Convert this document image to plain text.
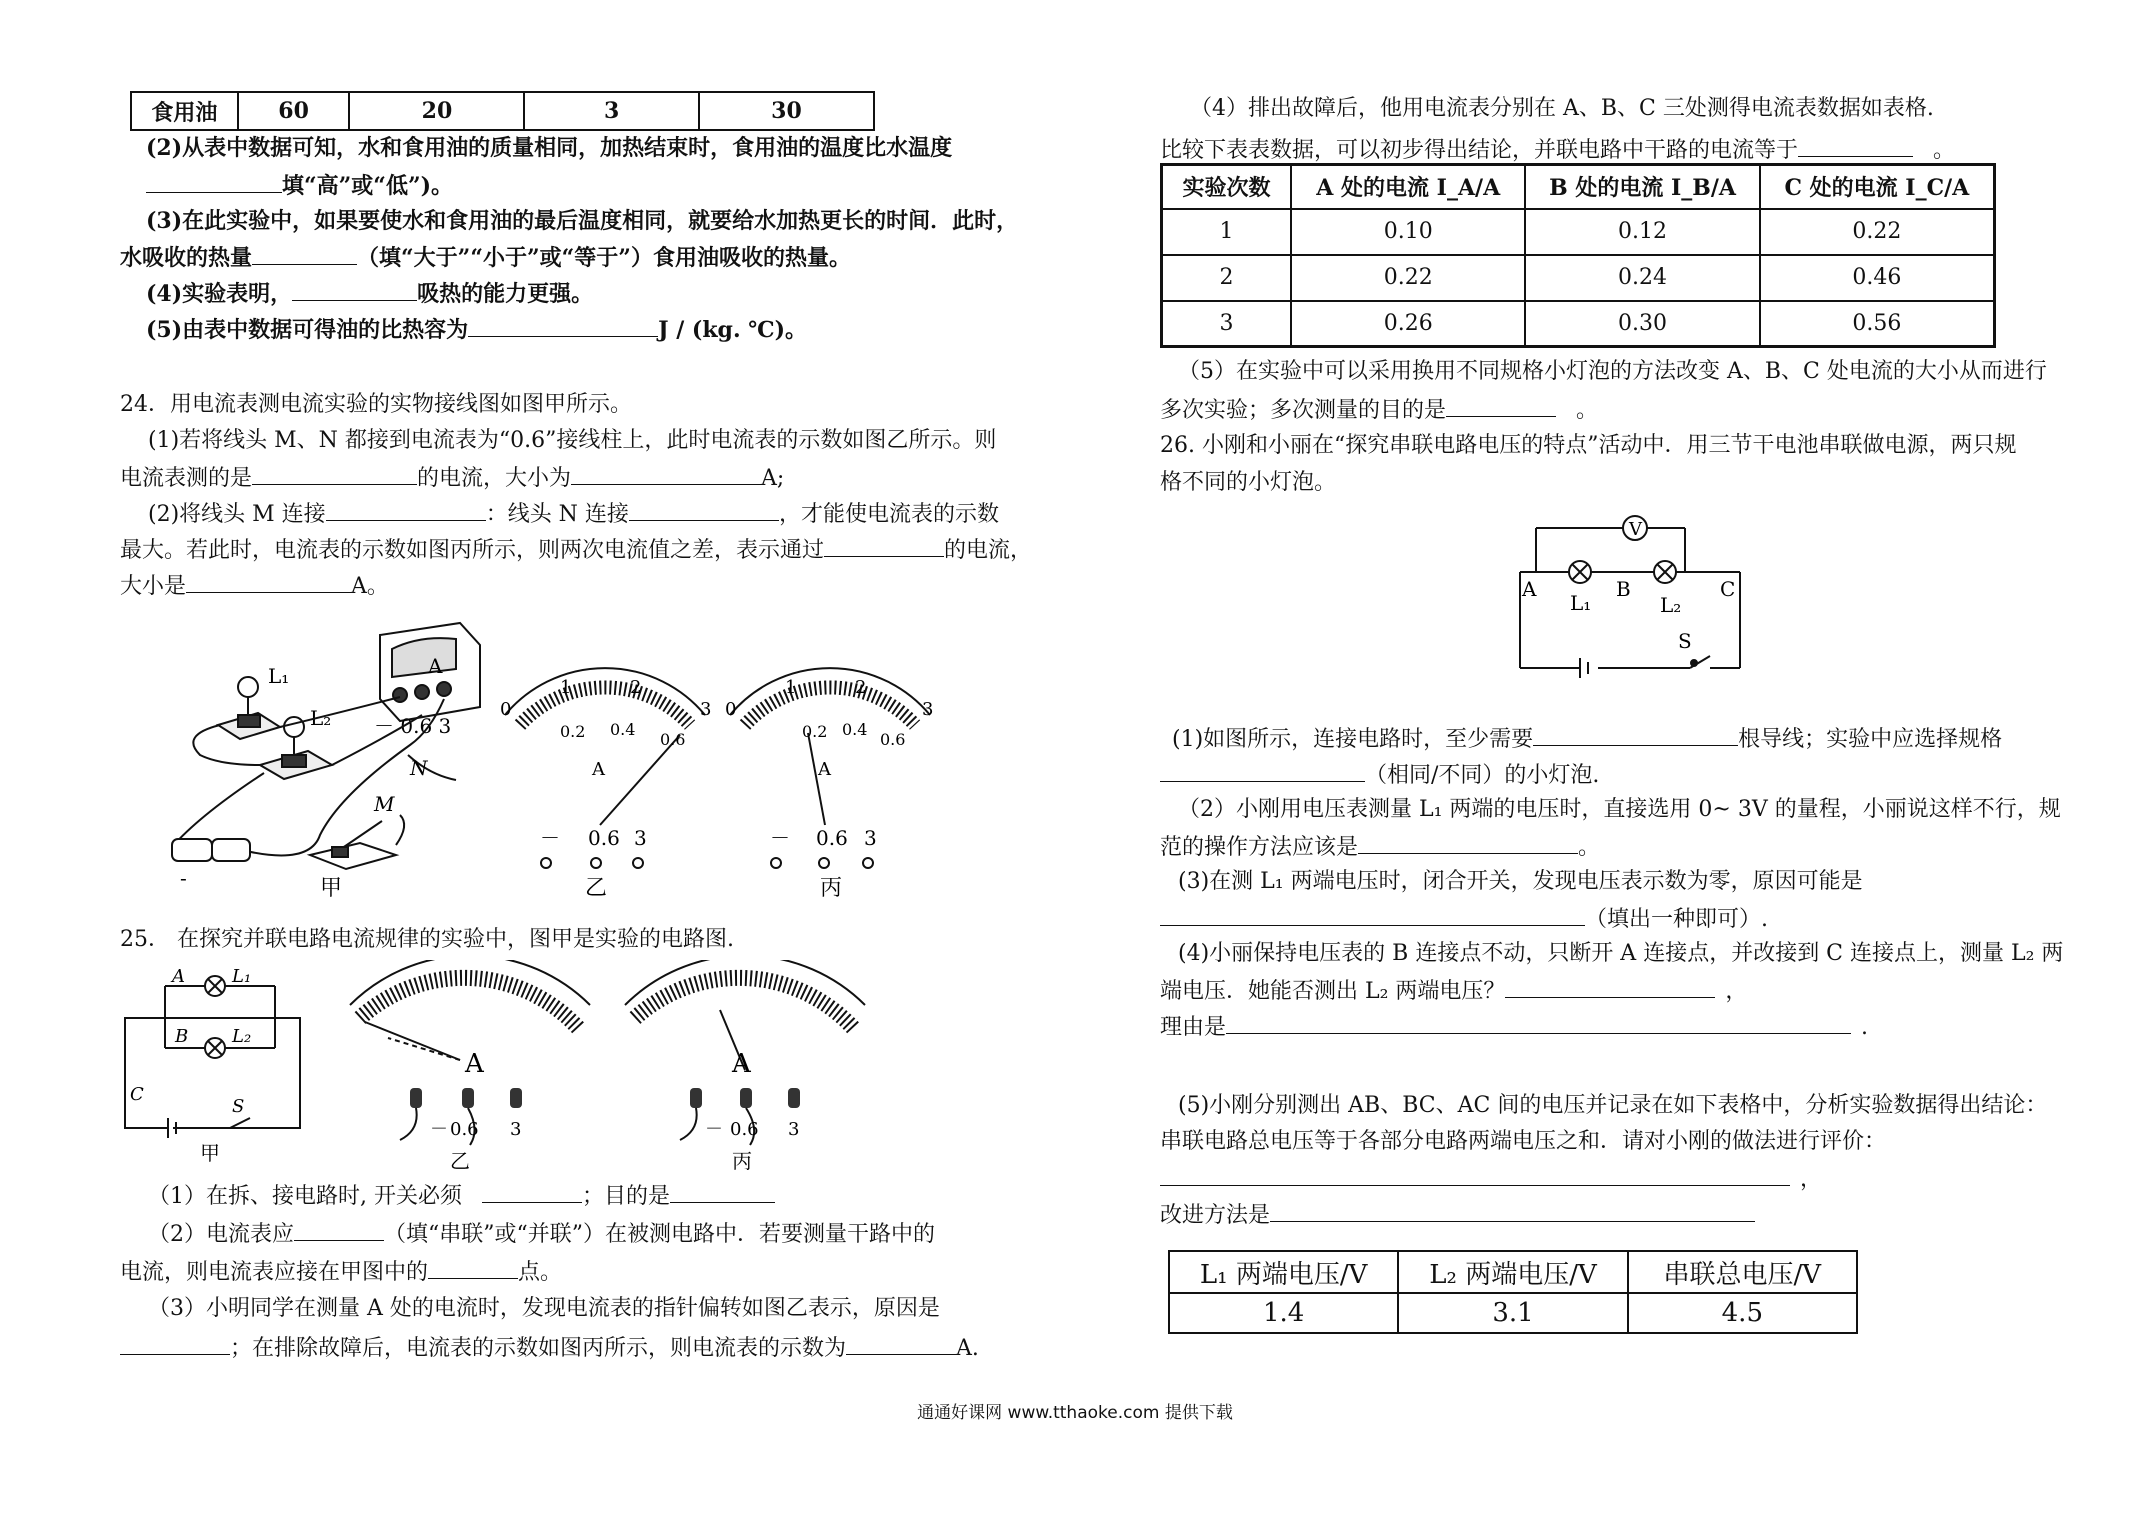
食用油	60	20	3	30
(2)从表中数据可知，水和食用油的质量相同，加热结束时，食用油的温度比水温度
填“高”或“低”)。
(3)在此实验中，如果要使水和食用油的最后温度相同，就要给水加热更长的时间．此时，
水吸收的热量	（填“大于”“小于”或“等于”）食用油吸收的热量。
(4)实验表明，	吸热的能力更强。
(5)由表中数据可得油的比热容为	J / (kg. ℃)。
24．用电流表测电流实验的实物接线图如图甲所示。
(1)若将线头 M、N 都接到电流表为“0.6”接线柱上，此时电流表的示数如图乙所示。则
电流表测的是	的电流，大小为	A;
(2)将线头 M 连接	：线头 N 连接	，才能使电流表的示数
最大。若此时，电流表的示数如图丙所示，则两次电流值之差，表示通过	的电流，
大小是	A。
L₁
L₂
A
－ 0.6 3
N
M
-	甲
0
1	2
3
0.2 0.4
0.6
A
－ 0.6 3
乙
0
1	2
3
0.2 0.4
0.6
A
－ 0.6 3
丙
25． 在探究并联电路电流规律的实验中，图甲是实验的电路图.
A
B
C
L₁
L₂
S
甲
A
－ 0.6 3
乙
A
－ 0.6 3
丙
（1）在拆、接电路时, 开关必须	；目的是
（2）电流表应	（填“串联”或“并联”）在被测电路中．若要测量干路中的
电流，则电流表应接在甲图中的	点。
（3）小明同学在测量 A 处的电流时，发现电流表的指针偏转如图乙表示，原因是
；在排除故障后，电流表的示数如图丙所示，则电流表的示数为	A.
（4）排出故障后，他用电流表分别在 A、B、C 三处测得电流表数据如表格.
比较下表表数据，可以初步得出结论，并联电路中干路的电流等于	。
实验次数	A 处的电流 I_A/A	B 处的电流 I_B/A	C 处的电流 I_C/A
1	0.10	0.12	0.22
2	0.22	0.24	0.46
3	0.26	0.30	0.56
（5）在实验中可以采用换用不同规格小灯泡的方法改变 A、B、C 处电流的大小从而进行
多次实验；多次测量的目的是	。
26. 小刚和小丽在“探究串联电路电压的特点”活动中．用三节干电池串联做电源，两只规
格不同的小灯泡。
V
A	B	C
L₁	L₂
S
(1)如图所示，连接电路时，至少需要	根导线；实验中应选择规格
（相同/不同）的小灯泡.
（2）小刚用电压表测量 L₁ 两端的电压时，直接选用 0~ 3V 的量程，小丽说这样不行，规
范的操作方法应该是	。
(3)在测 L₁ 两端电压时，闭合开关，发现电压表示数为零，原因可能是
（填出一种即可）.
(4)小丽保持电压表的 B 连接点不动，只断开 A 连接点，并改接到 C 连接点上，测量 L₂ 两
端电压．她能否测出 L₂ 两端电压？	，
理由是	.
(5)小刚分别测出 AB、BC、AC 间的电压并记录在如下表格中，分析实验数据得出结论：
串联电路总电压等于各部分电路两端电压之和．请对小刚的做法进行评价：
，
改进方法是
L₁ 两端电压/V	L₂ 两端电压/V	串联总电压/V
1.4	3.1	4.5
通通好课网 www.tthaoke.com 提供下载
